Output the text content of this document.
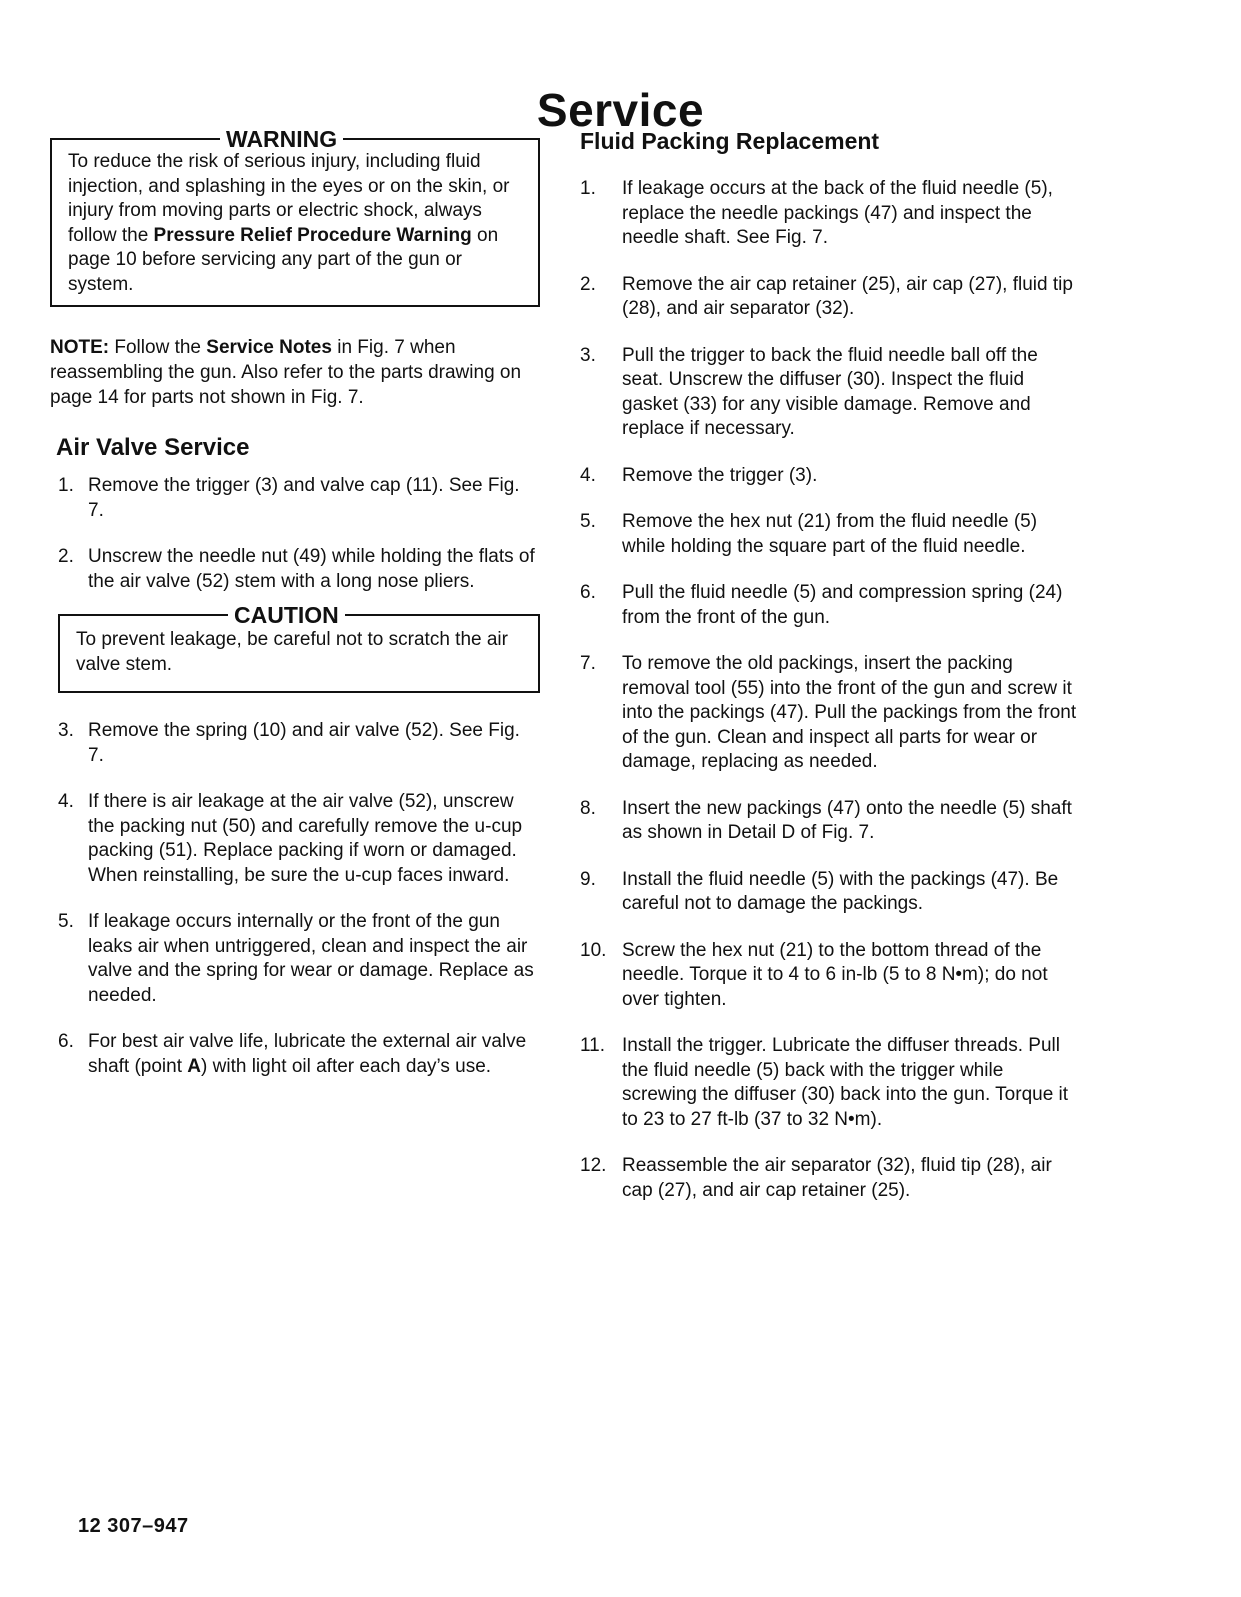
Service
WARNING
To reduce the risk of serious injury, including fluid injection, and splashing in the eyes or on the skin, or injury from moving parts or electric shock, always follow the Pressure Relief Procedure Warning on page 10 before servicing any part of the gun or system.

NOTE: Follow the Service Notes in Fig. 7 when reassembling the gun. Also refer to the parts drawing on page 14 for parts not shown in Fig. 7.

Air Valve Service
1. Remove the trigger (3) and valve cap (11). See Fig. 7.
2. Unscrew the needle nut (49) while holding the flats of the air valve (52) stem with a long nose pliers.
CAUTION
To prevent leakage, be careful not to scratch the air valve stem.
3. Remove the spring (10) and air valve (52). See Fig. 7.
4. If there is air leakage at the air valve (52), unscrew the packing nut (50) and carefully remove the u-cup packing (51). Replace packing if worn or damaged. When reinstalling, be sure the u-cup faces inward.
5. If leakage occurs internally or the front of the gun leaks air when untriggered, clean and inspect the air valve and the spring for wear or damage. Replace as needed.
6. For best air valve life, lubricate the external air valve shaft (point A) with light oil after each day’s use.
Fluid Packing Replacement
1.	If leakage occurs at the back of the fluid needle (5), replace the needle packings (47) and inspect the needle shaft. See Fig. 7.
2.	Remove the air cap retainer (25), air cap (27), fluid tip (28), and air separator (32).
3.	Pull the trigger to back the fluid needle ball off the seat. Unscrew the diffuser (30). Inspect the fluid gasket (33) for any visible damage. Remove and replace if necessary.
4.	Remove the trigger (3).
5.	Remove the hex nut (21) from the fluid needle (5) while holding the square part of the fluid needle.
6.	Pull the fluid needle (5) and compression spring (24) from the front of the gun.
7.	To remove the old packings, insert the packing removal tool (55) into the front of the gun and screw it into the packings (47). Pull the packings from the front of the gun. Clean and inspect all parts for wear or damage, replacing as needed.
8.	Insert the new packings (47) onto the needle (5) shaft as shown in Detail D of Fig. 7.
9.	Install the fluid needle (5) with the packings (47). Be careful not to damage the packings.
10. Screw the hex nut (21) to the bottom thread of the needle. Torque it to 4 to 6 in-lb (5 to 8 N•m); do not over tighten.
11. Install the trigger. Lubricate the diffuser threads. Pull the fluid needle (5) back with the trigger while screwing the diffuser (30) back into the gun. Torque it to 23 to 27 ft-lb (37 to 32 N•m).
12. Reassemble the air separator (32), fluid tip (28), air cap (27), and air cap retainer (25).
12 307–947
